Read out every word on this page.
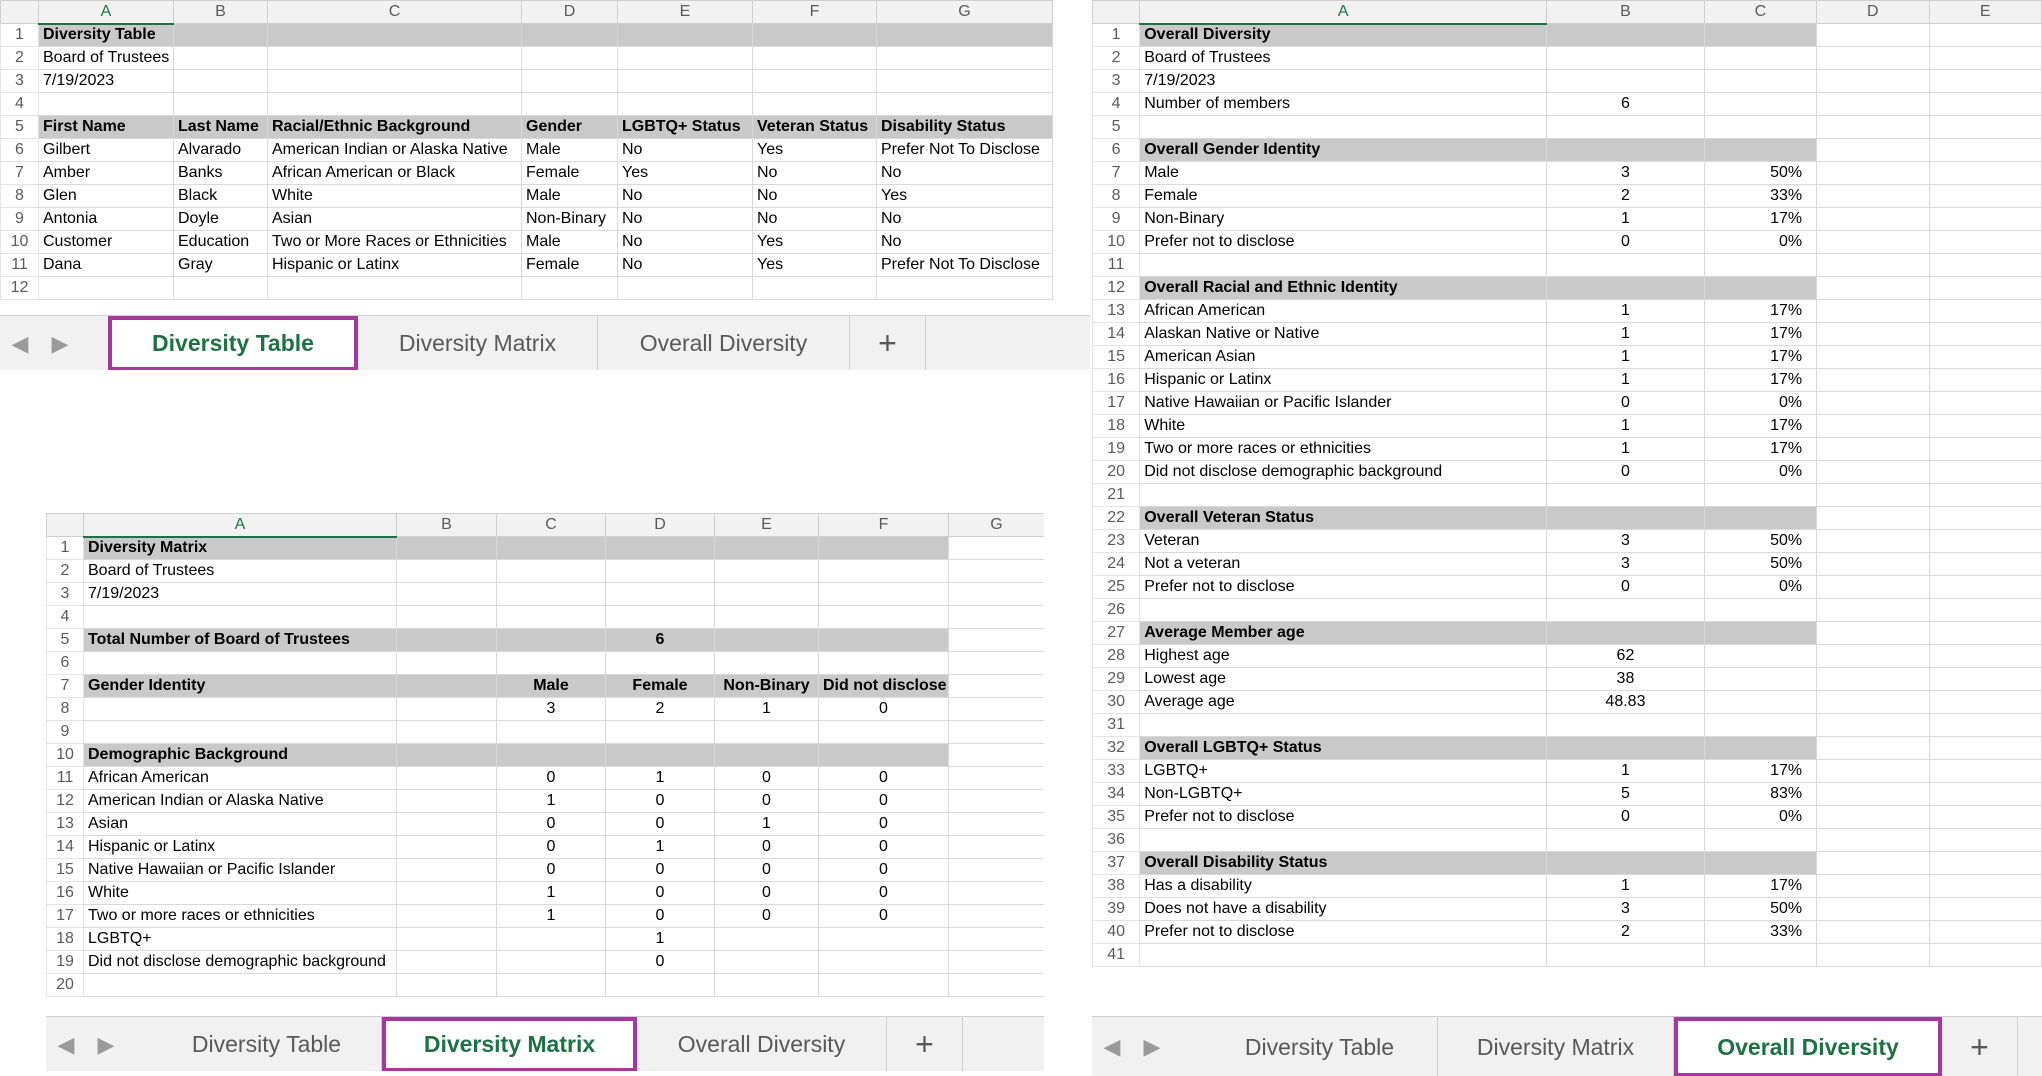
	A	B	C	D	E	F	G
1	Diversity Table						
2	Board of Trustees						
3	7/19/2023						
4							
5	First Name	Last Name	Racial/Ethnic Background	Gender	LGBTQ+ Status	Veteran Status	Disability Status
6	Gilbert	Alvarado	American Indian or Alaska Native	Male	No	Yes	Prefer Not To Disclose
7	Amber	Banks	African American or Black	Female	Yes	No	No
8	Glen	Black	White	Male	No	No	Yes
9	Antonia	Doyle	Asian	Non-Binary	No	No	No
10	Customer	Education	Two or More Races or Ethnicities	Male	No	Yes	No
11	Dana	Gray	Hispanic or Latinx	Female	No	Yes	Prefer Not To Disclose
12							
◀	▶	Diversity Table	Diversity Matrix	Overall Diversity	+
	A	B	C	D	E	F	G
1	Diversity Matrix						
2	Board of Trustees						
3	7/19/2023						
4							
5	Total Number of Board of Trustees			6			
6							
7	Gender Identity		Male	Female	Non-Binary	Did not disclose	
8			3	2	1	0	
9							
10	Demographic Background						
11	African American		0	1	0	0	
12	American Indian or Alaska Native		1	0	0	0	
13	Asian		0	0	1	0	
14	Hispanic or Latinx		0	1	0	0	
15	Native Hawaiian or Pacific Islander		0	0	0	0	
16	White		1	0	0	0	
17	Two or more races or ethnicities		1	0	0	0	
18	LGBTQ+			1			
19	Did not disclose demographic background			0			
20							
◀	▶	Diversity Table	Diversity Matrix	Overall Diversity	+
	A	B	C	D	E
1	Overall Diversity				
2	Board of Trustees				
3	7/19/2023				
4	Number of members	6			
5					
6	Overall Gender Identity				
7	Male	3	50%		
8	Female	2	33%		
9	Non-Binary	1	17%		
10	Prefer not to disclose	0	0%		
11					
12	Overall Racial and Ethnic Identity				
13	African American	1	17%		
14	Alaskan Native or Native	1	17%		
15	American Asian	1	17%		
16	Hispanic or Latinx	1	17%		
17	Native Hawaiian or Pacific Islander	0	0%		
18	White	1	17%		
19	Two or more races or ethnicities	1	17%		
20	Did not disclose demographic background	0	0%		
21					
22	Overall Veteran Status				
23	Veteran	3	50%		
24	Not a veteran	3	50%		
25	Prefer not to disclose	0	0%		
26					
27	Average Member age				
28	Highest age	62			
29	Lowest age	38			
30	Average age	48.83			
31					
32	Overall LGBTQ+ Status				
33	LGBTQ+	1	17%		
34	Non-LGBTQ+	5	83%		
35	Prefer not to disclose	0	0%		
36					
37	Overall Disability Status				
38	Has a disability	1	17%		
39	Does not have a disability	3	50%		
40	Prefer not to disclose	2	33%		
41					
◀	▶	Diversity Table	Diversity Matrix	Overall Diversity	+
